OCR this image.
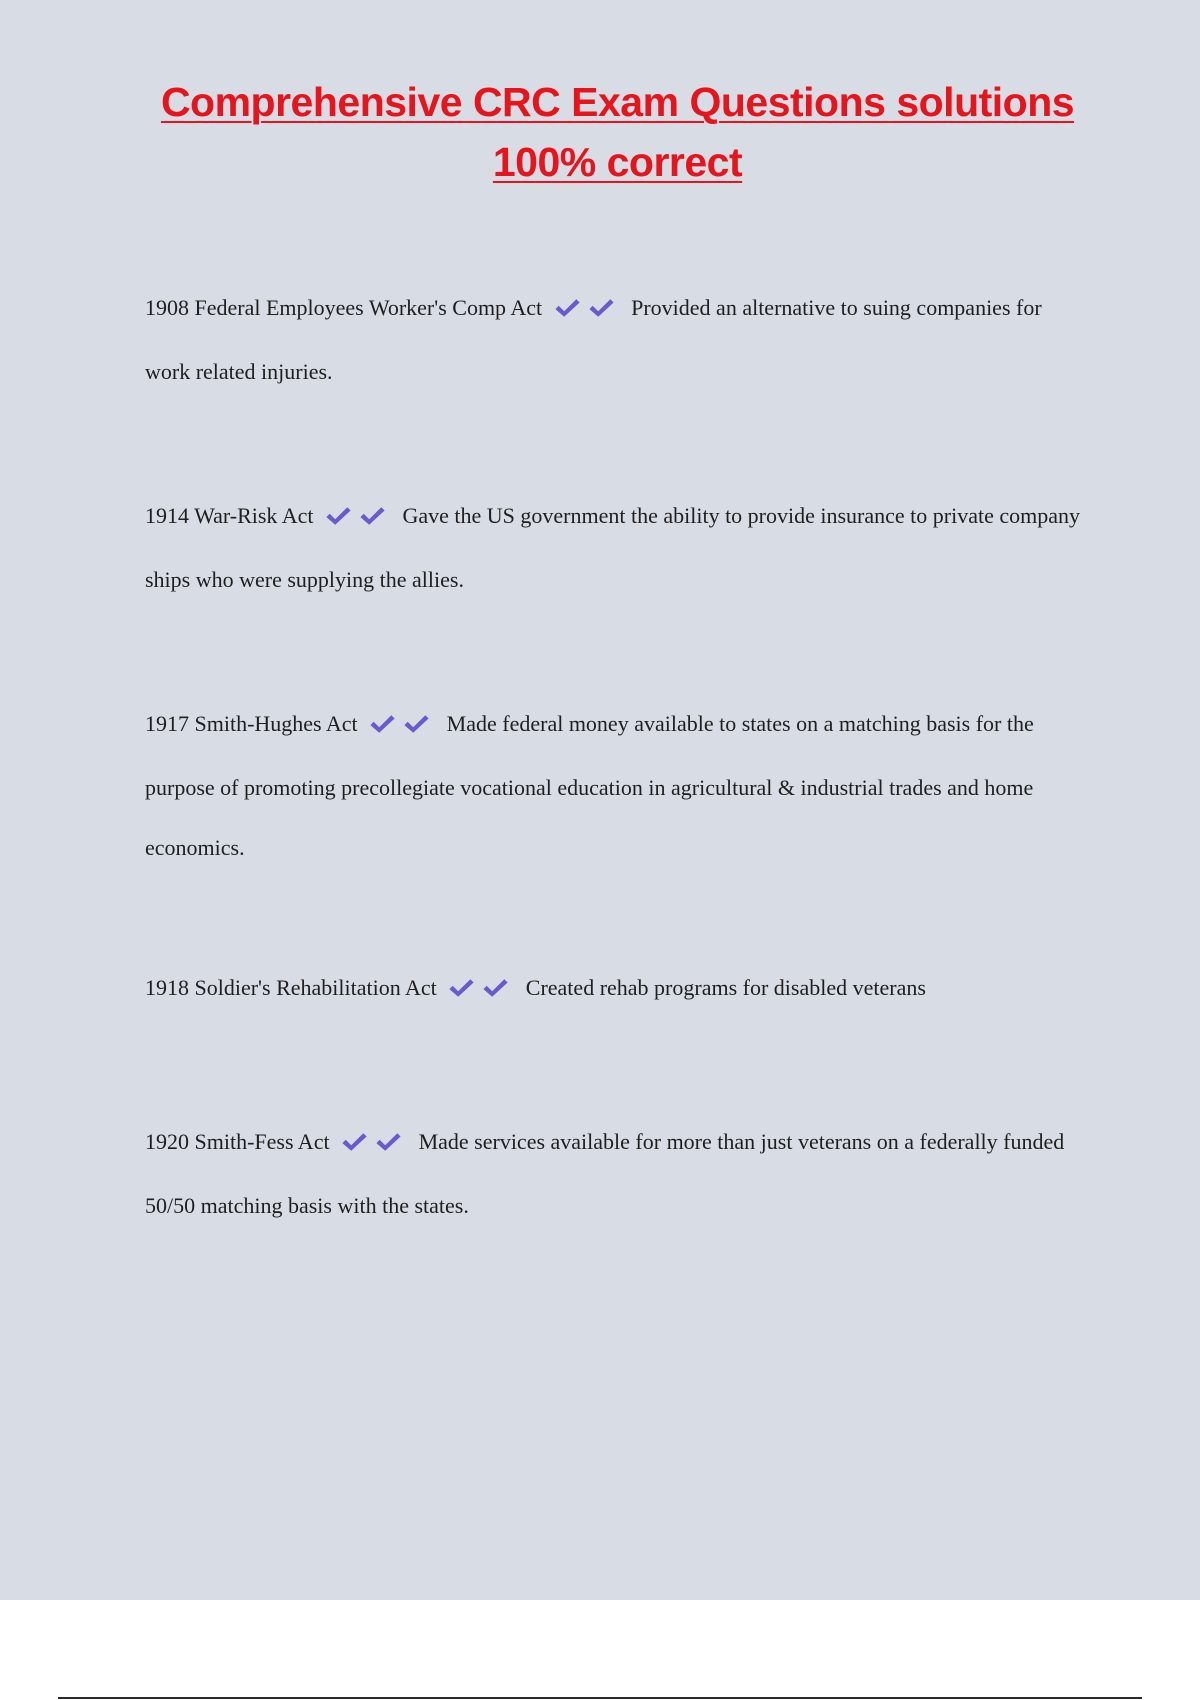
Comprehensive CRC Exam Questions solutions
100% correct
1908 Federal Employees Worker's Comp Act	Provided an alternative to suing companies for work related injuries.
1914 War-Risk Act	Gave the US government the ability to provide insurance to private company ships who were supplying the allies.
1917 Smith-Hughes Act	Made federal money available to states on a matching basis for the purpose of promoting precollegiate vocational education in agricultural & industrial trades and home economics.
1918 Soldier's Rehabilitation Act	Created rehab programs for disabled veterans
1920 Smith-Fess Act	Made services available for more than just veterans on a federally funded 50/50 matching basis with the states.
